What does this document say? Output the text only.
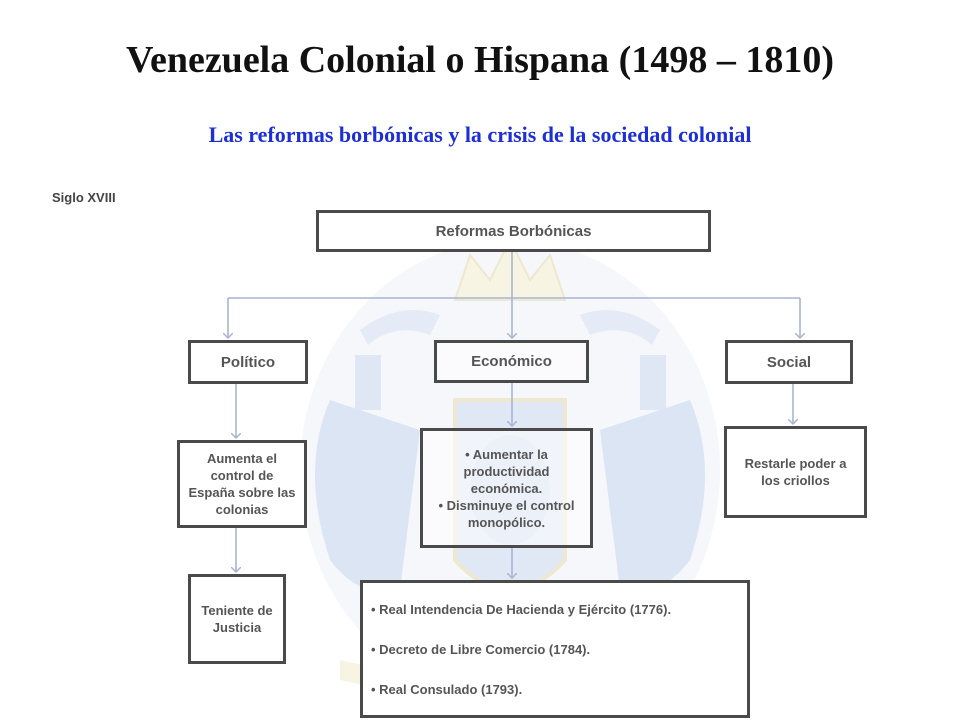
Venezuela Colonial o Hispana (1498 – 1810)
Las reformas borbónicas y la crisis de la sociedad colonial
Siglo XVIII
Reformas Borbónicas
Político	Económico	Social
Aumenta el control de España sobre las colonias
• Aumentar la productividad económica.
• Disminuye el control monopólico.
Restarle poder a los criollos
Teniente de Justicia
• Real Intendencia De Hacienda y Ejército (1776).
• Decreto de Libre Comercio (1784).
• Real Consulado (1793).
